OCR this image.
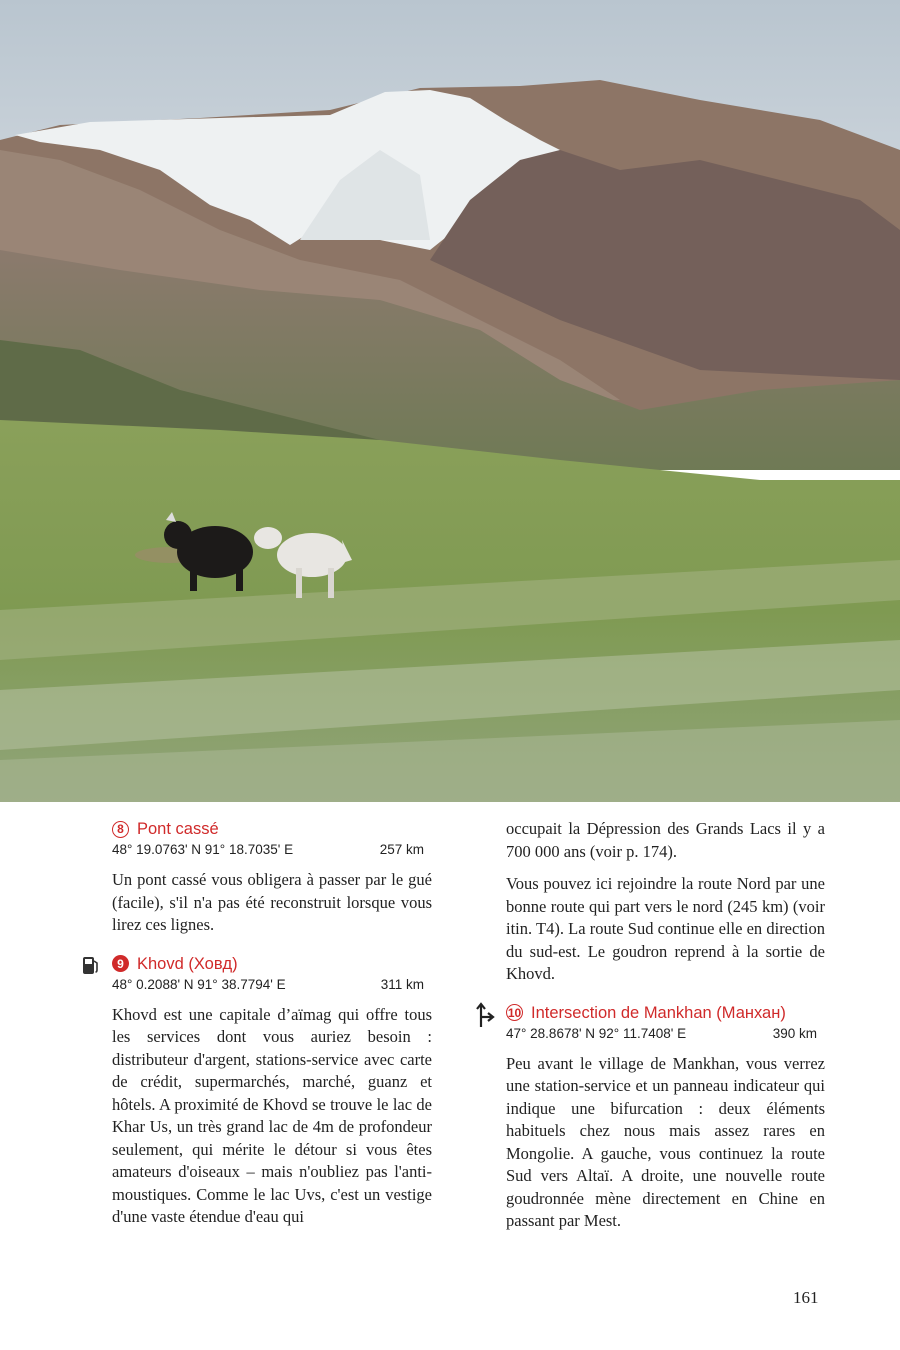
8 Pont cassé
48° 19.0763' N 91° 18.7035' E	257 km

Un pont cassé vous obligera à passer par le gué (facile), s'il n'a pas été reconstruit lorsque vous lirez ces lignes.

9 Khovd (Ховд)
48° 0.2088' N 91° 38.7794' E	311 km

Khovd est une capitale d’aïmag qui offre tous les services dont vous auriez besoin : distributeur d'argent, stations-service avec carte de crédit, supermarchés, marché, guanz et hôtels. A proximité de Khovd se trouve le lac de Khar Us, un très grand lac de 4m de profondeur seulement, qui mérite le détour si vous êtes amateurs d'oiseaux – mais n'oubliez pas l'anti-moustiques. Comme le lac Uvs, c'est un vestige d'une vaste étendue d'eau qui

occupait la Dépression des Grands Lacs il y a 700 000 ans (voir p. 174).

Vous pouvez ici rejoindre la route Nord par une bonne route qui part vers le nord (245 km) (voir itin. T4). La route Sud continue elle en direction du sud-est. Le goudron reprend à la sortie de Khovd.

10 Intersection de Mankhan (Манхан)
47° 28.8678' N 92° 11.7408' E	390 km

Peu avant le village de Mankhan, vous verrez une station-service et un panneau indicateur qui indique une bifurcation : deux éléments habituels chez nous mais assez rares en Mongolie. A gauche, vous continuez la route Sud vers Altaï. A droite, une nouvelle route goudronnée mène directement en Chine en passant par Mest.

161
